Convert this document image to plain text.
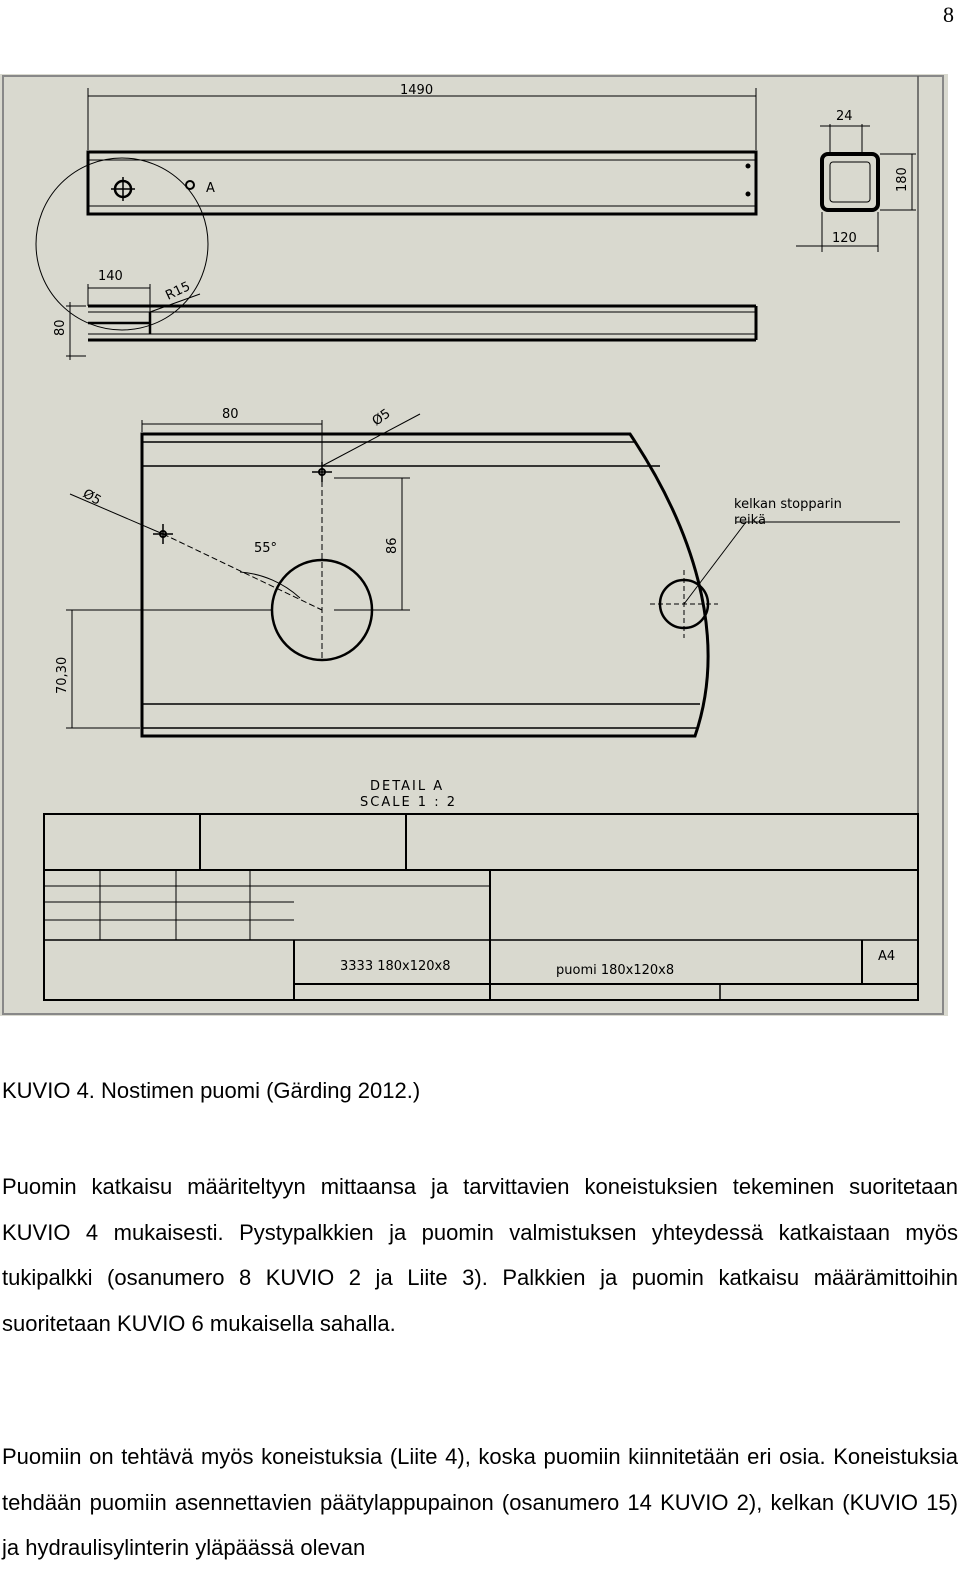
8
1490
A
24
120
180
140
R15
80
80	Ø5
Ø5
55°	86
70,30
kelkan stopparin
reikä
DETAIL A
SCALE 1 : 2
3333 180x120x8	puomi 180x120x8
A4
KUVIO 4. Nostimen puomi (Gärding 2012.)

Puomin katkaisu määriteltyyn mittaansa ja tarvittavien koneistuksien tekeminen suoritetaan KUVIO 4 mukaisesti. Pystypalkkien ja puomin valmistuksen yhteydessä katkaistaan myös tukipalkki (osanumero 8 KUVIO 2 ja Liite 3). Palkkien ja puomin katkaisu määrämittoihin suoritetaan KUVIO 6 mukaisella sahalla.

Puomiin on tehtävä myös koneistuksia (Liite 4), koska puomiin kiinnitetään eri osia. Koneistuksia tehdään puomiin asennettavien päätylappupainon (osanumero 14 KUVIO 2), kelkan (KUVIO 15) ja hydraulisylinterin yläpäässä olevan
